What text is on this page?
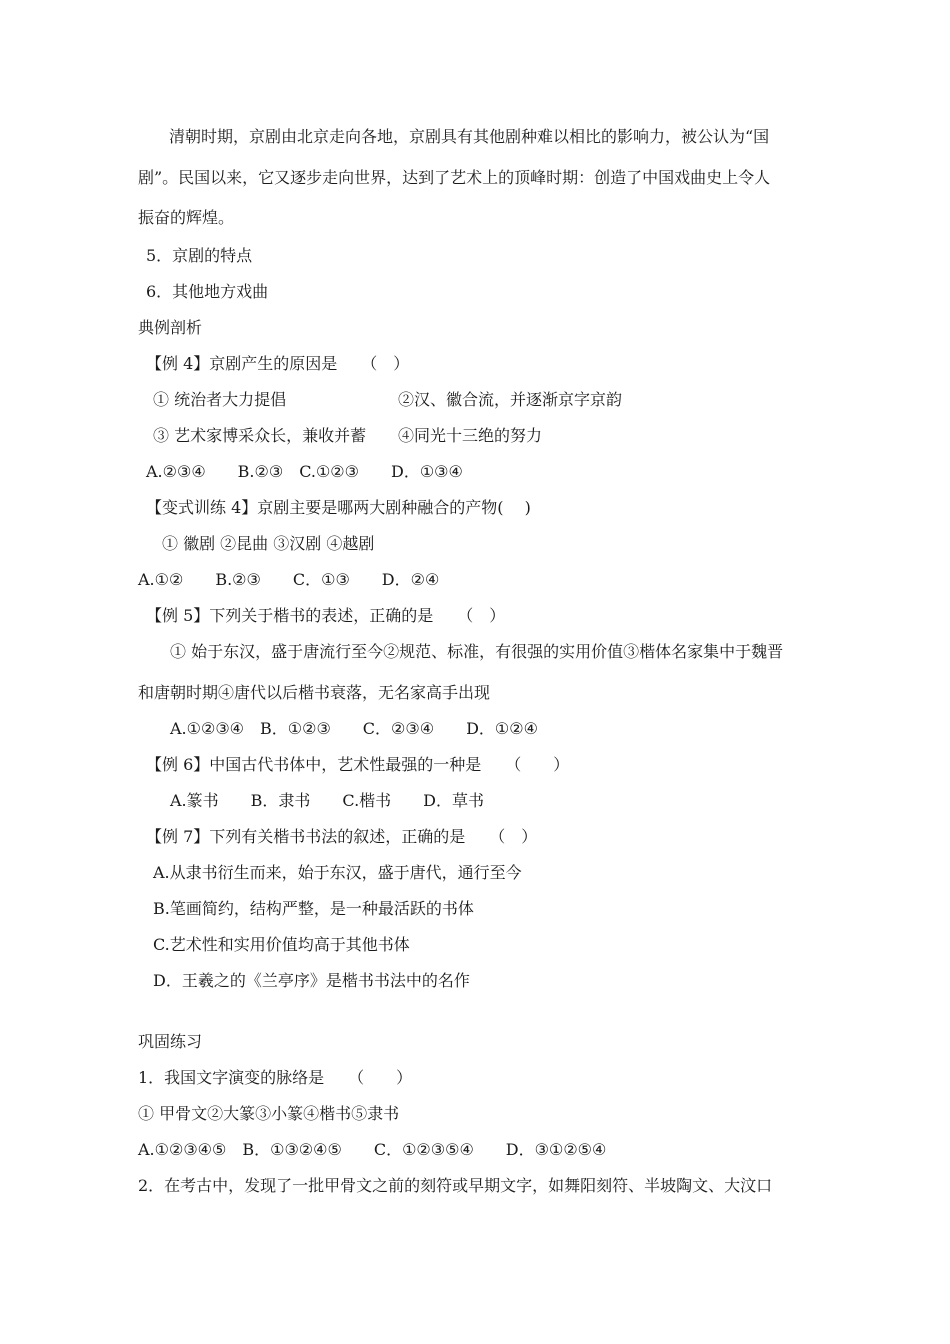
清朝时期，京剧由北京走向各地，京剧具有其他剧种难以相比的影响力，被公认为“国
剧”。民国以来，它又逐步走向世界，达到了艺术上的顶峰时期：创造了中国戏曲史上令人
振奋的辉煌。
5．京剧的特点
6．其他地方戏曲
典例剖析
【例 4】京剧产生的原因是　　（　）
① 统治者大力提倡	②汉、徽合流，并逐渐京字京韵
③ 艺术家博采众长，兼收并蓄 ④同光十三绝的努力
A.②③④　　B.②③　C.①②③　　D．①③④
【变式训练 4】京剧主要是哪两大剧种融合的产物(　 )
① 徽剧 ②昆曲 ③汉剧 ④越剧
A.①②　　B.②③　　C．①③　　D．②④
【例 5】下列关于楷书的表述，正确的是　　（　）
① 始于东汉，盛于唐流行至今②规范、标准，有很强的实用价值③楷体名家集中于魏晋
和唐朝时期④唐代以后楷书衰落，无名家高手出现
A.①②③④　B．①②③　　C．②③④　　D．①②④
【例 6】中国古代书体中，艺术性最强的一种是　　（　　）
A.篆书　　B．隶书　　C.楷书　　D．草书
【例 7】下列有关楷书书法的叙述，正确的是　　（　）
A.从隶书衍生而来，始于东汉，盛于唐代，通行至今
B.笔画简约，结构严整，是一种最活跃的书体
C.艺术性和实用价值均高于其他书体
D．王羲之的《兰亭序》是楷书书法中的名作
巩固练习
1．我国文字演变的脉络是　　（　　）
① 甲骨文②大篆③小篆④楷书⑤隶书
A.①②③④⑤　B．①③②④⑤　　C．①②③⑤④　　D．③①②⑤④
2．在考古中，发现了一批甲骨文之前的刻符或早期文字，如舞阳刻符、半坡陶文、大汶口
